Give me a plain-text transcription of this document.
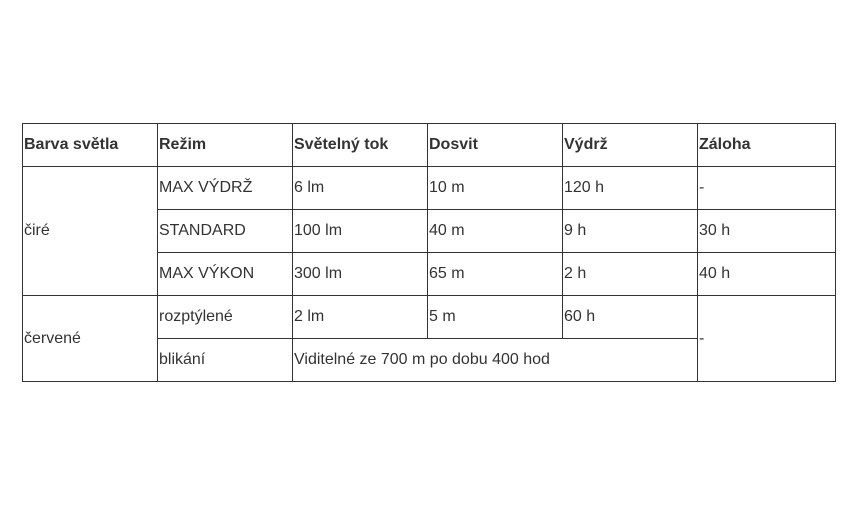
Barva světla	Režim	Světelný tok	Dosvit	Výdrž	Záloha
čiré	MAX VÝDRŽ	6 lm	10 m	120 h	-
	STANDARD	100 lm	40 m	9 h	30 h
	MAX VÝKON	300 lm	65 m	2 h	40 h
červené	rozptýlené	2 lm	5 m	60 h	-
	blikání	Viditelné ze 700 m po dobu 400 hod			
